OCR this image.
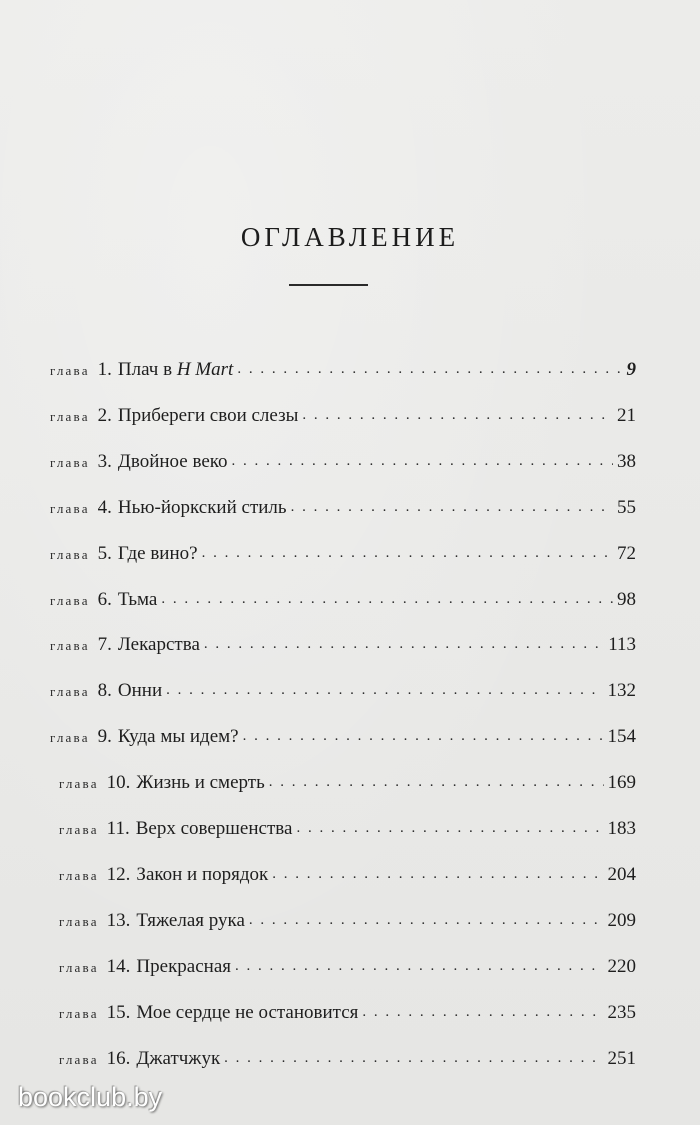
ОГЛАВЛЕНИЕ
глава 1. Плач в H Mart . . .	9
глава 2. Прибереги свои слезы . . .	21
глава 3. Двойное веко . . .	38
глава 4. Нью-йоркский стиль . . .	55
глава 5. Где вино? . . .	72
глава 6. Тьма . . .	98
глава 7. Лекарства . . .	113
глава 8. Онни . . .	132
глава 9. Куда мы идем? . . .	154
глава 10. Жизнь и смерть . . .	169
глава 11. Верх совершенства . . .	183
глава 12. Закон и порядок . . .	204
глава 13. Тяжелая рука . . .	209
глава 14. Прекрасная . . .	220
глава 15. Мое сердце не остановится . . .	235
глава 16. Джатчжук . . .	251
bookclub.by
